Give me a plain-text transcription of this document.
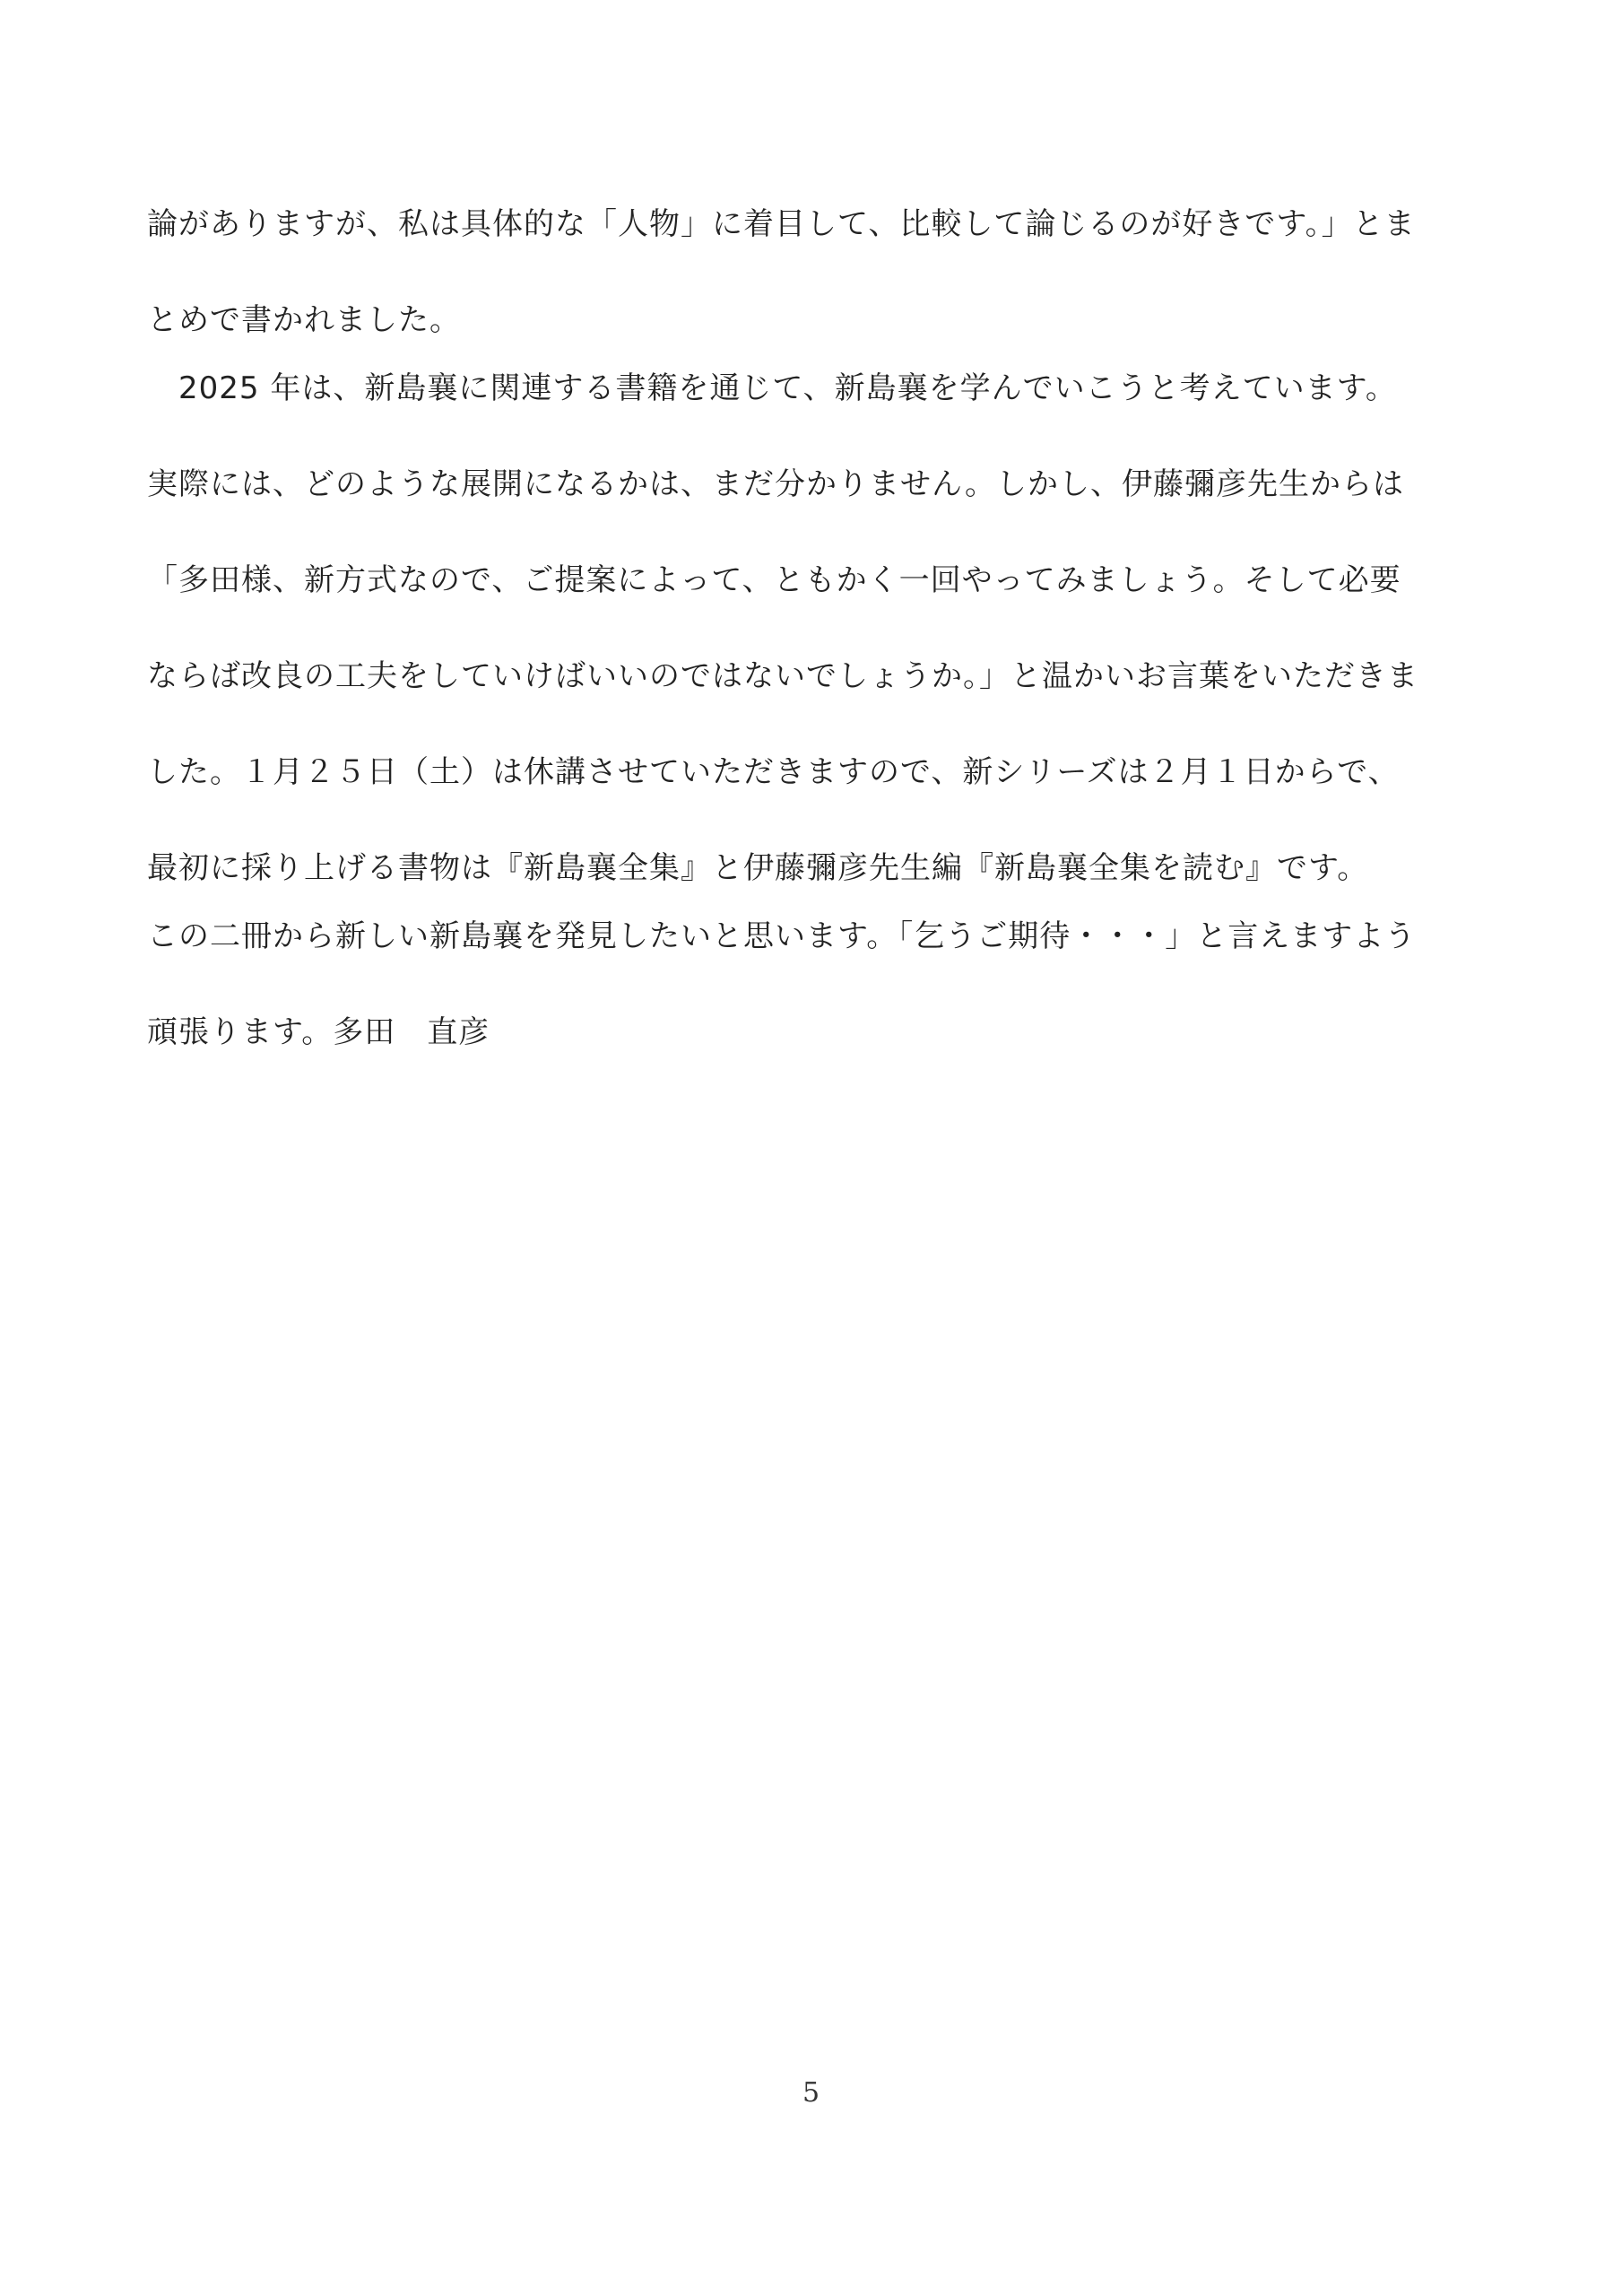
論がありますが、私は具体的な「人物」に着目して、比較して論じるのが好きです。」とま
とめで書かれました。
　2025 年は、新島襄に関連する書籍を通じて、新島襄を学んでいこうと考えています。
実際には、どのような展開になるかは、まだ分かりません。しかし、伊藤彌彦先生からは
「多田様、新方式なので、ご提案によって、ともかく一回やってみましょう。そして必要
ならば改良の工夫をしていけばいいのではないでしょうか。」と温かいお言葉をいただきま
した。１月２５日（土）は休講させていただきますので、新シリーズは２月１日からで、
最初に採り上げる書物は『新島襄全集』と伊藤彌彦先生編『新島襄全集を読む』です。
この二冊から新しい新島襄を発見したいと思います。「乞うご期待・・・」と言えますよう
頑張ります。多田　直彦
5
